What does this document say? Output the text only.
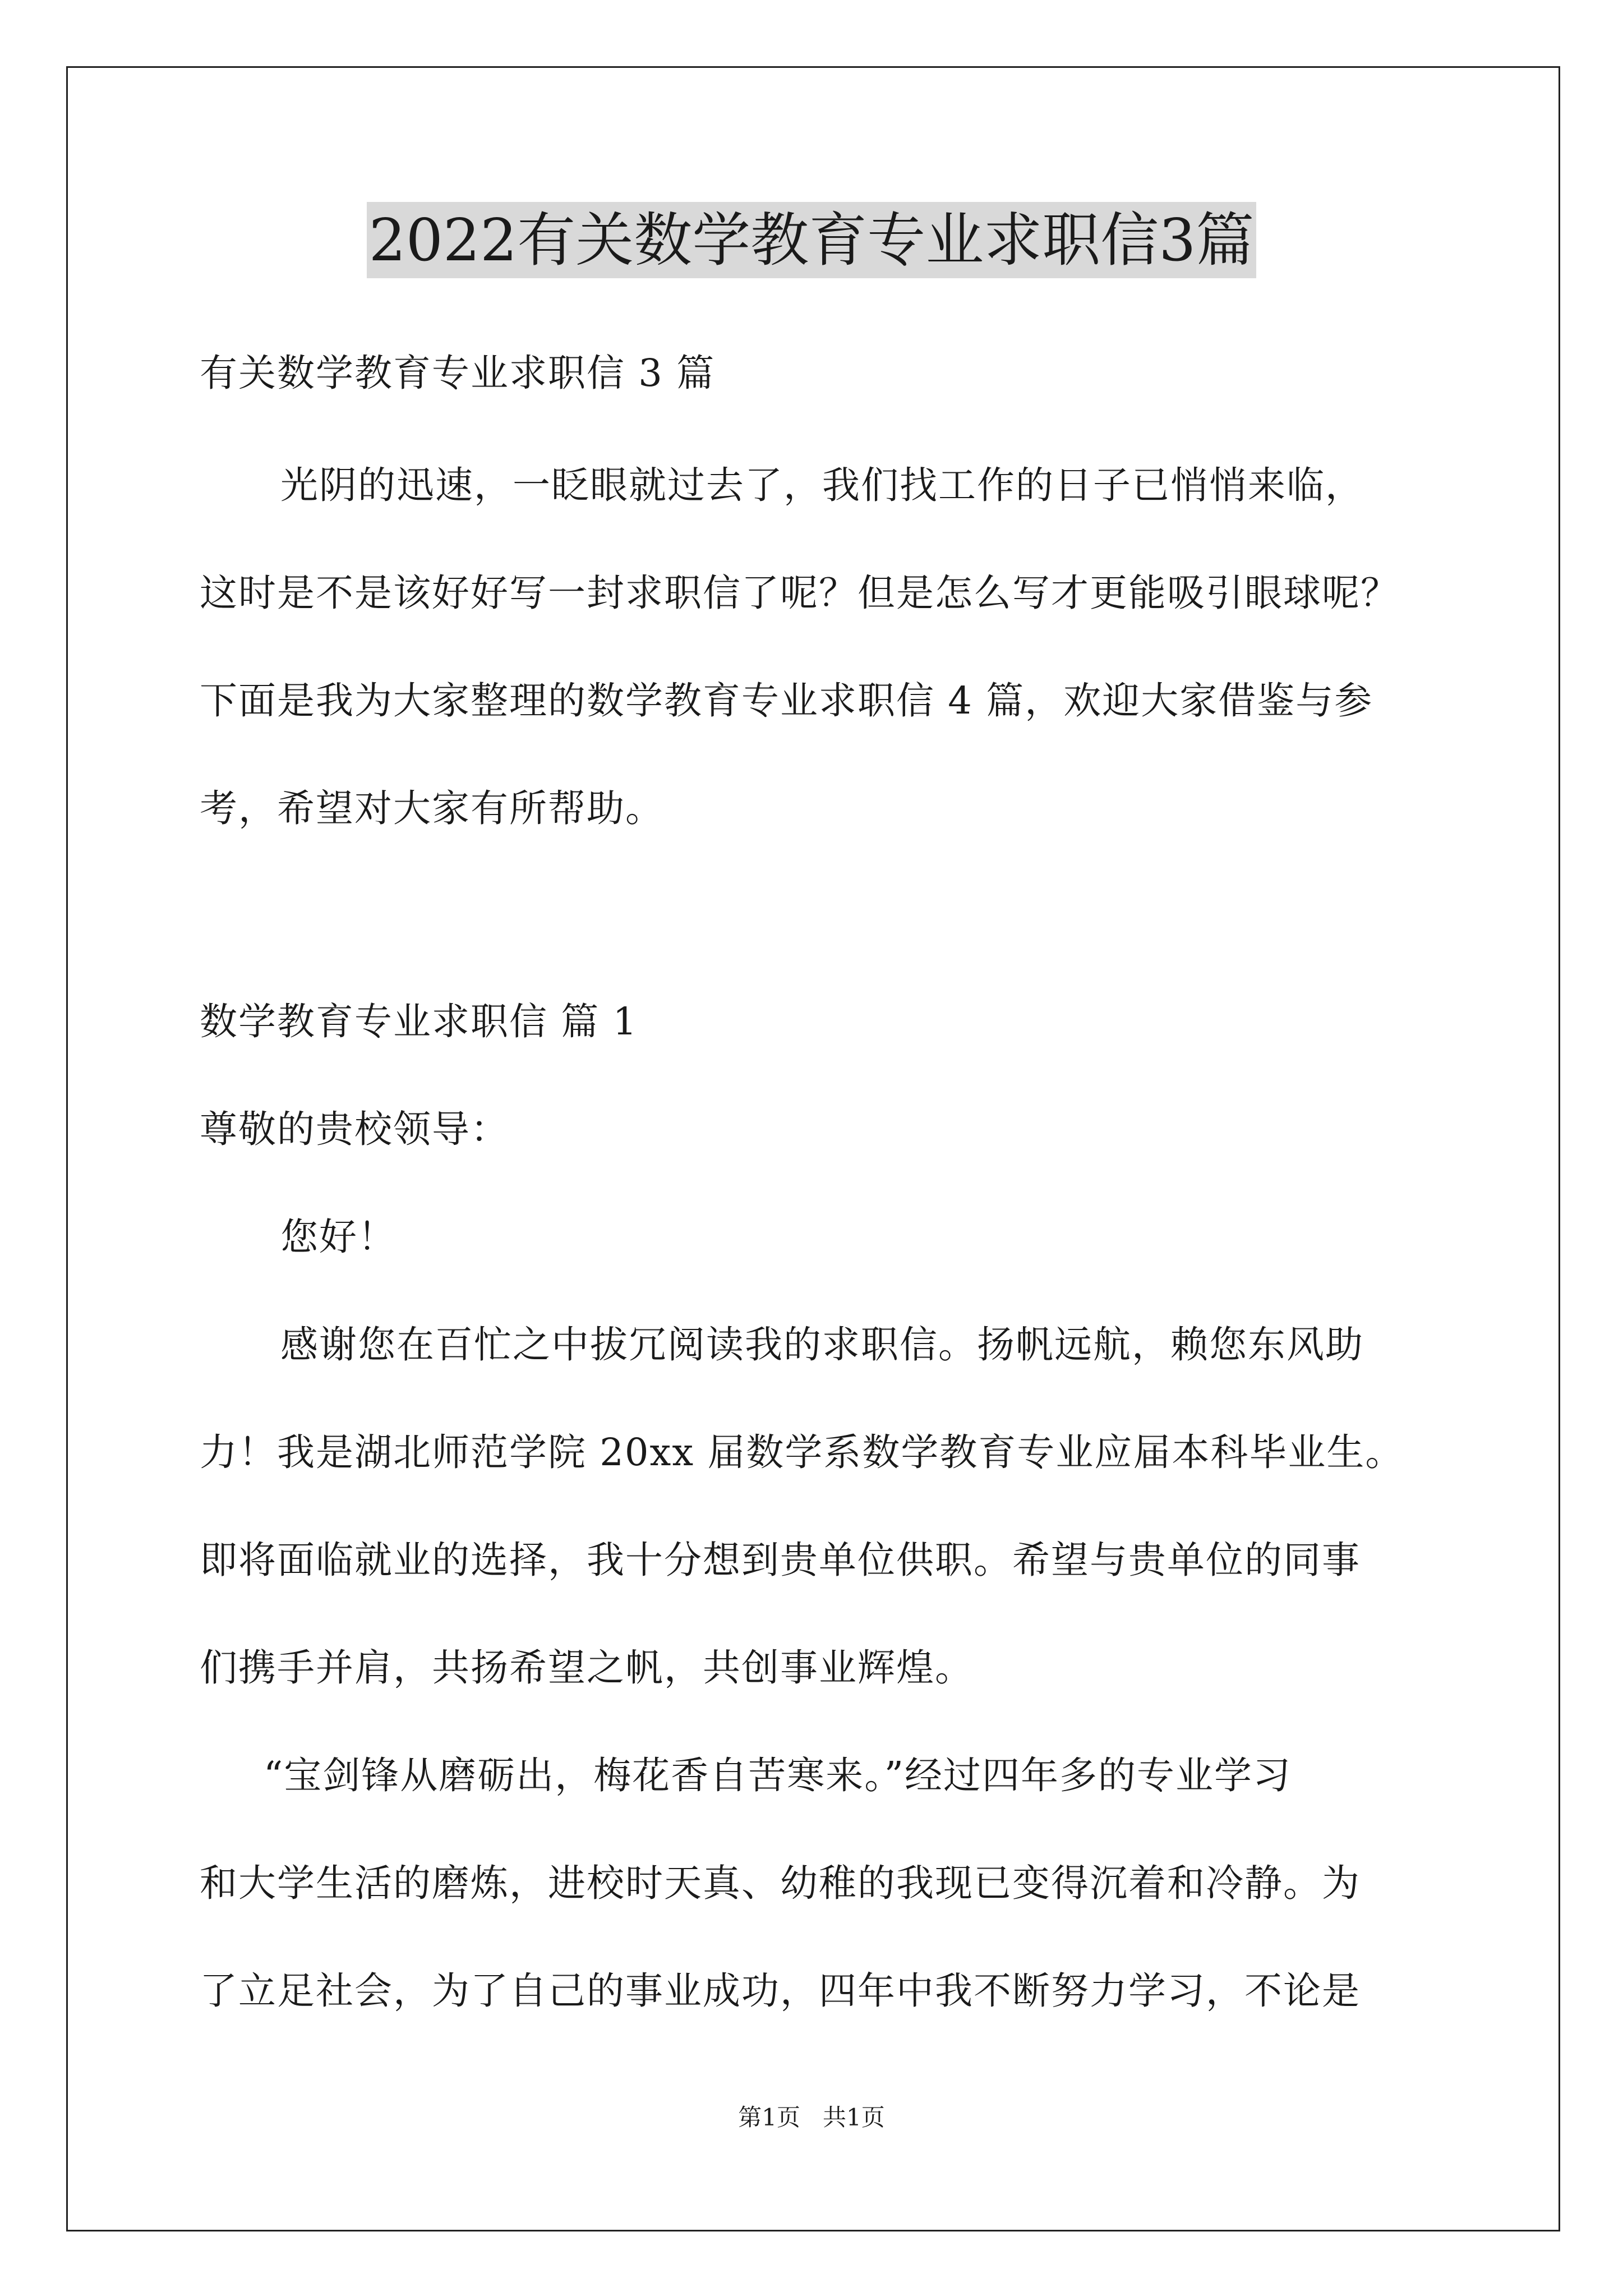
2022有关数学教育专业求职信3篇
有关数学教育专业求职信 3 篇
光阴的迅速，一眨眼就过去了，我们找工作的日子已悄悄来临，
这时是不是该好好写一封求职信了呢？但是怎么写才更能吸引眼球呢？
下面是我为大家整理的数学教育专业求职信 4 篇，欢迎大家借鉴与参
考，希望对大家有所帮助。
数学教育专业求职信 篇 1
尊敬的贵校领导：
您好！
感谢您在百忙之中拔冗阅读我的求职信。扬帆远航，赖您东风助
力！我是湖北师范学院 20xx 届数学系数学教育专业应届本科毕业生。
即将面临就业的选择，我十分想到贵单位供职。希望与贵单位的同事
们携手并肩，共扬希望之帆，共创事业辉煌。
“宝剑锋从磨砺出，梅花香自苦寒来。”经过四年多的专业学习
和大学生活的磨炼，进校时天真、幼稚的我现已变得沉着和冷静。为
了立足社会，为了自己的事业成功，四年中我不断努力学习，不论是
第1页   共1页
